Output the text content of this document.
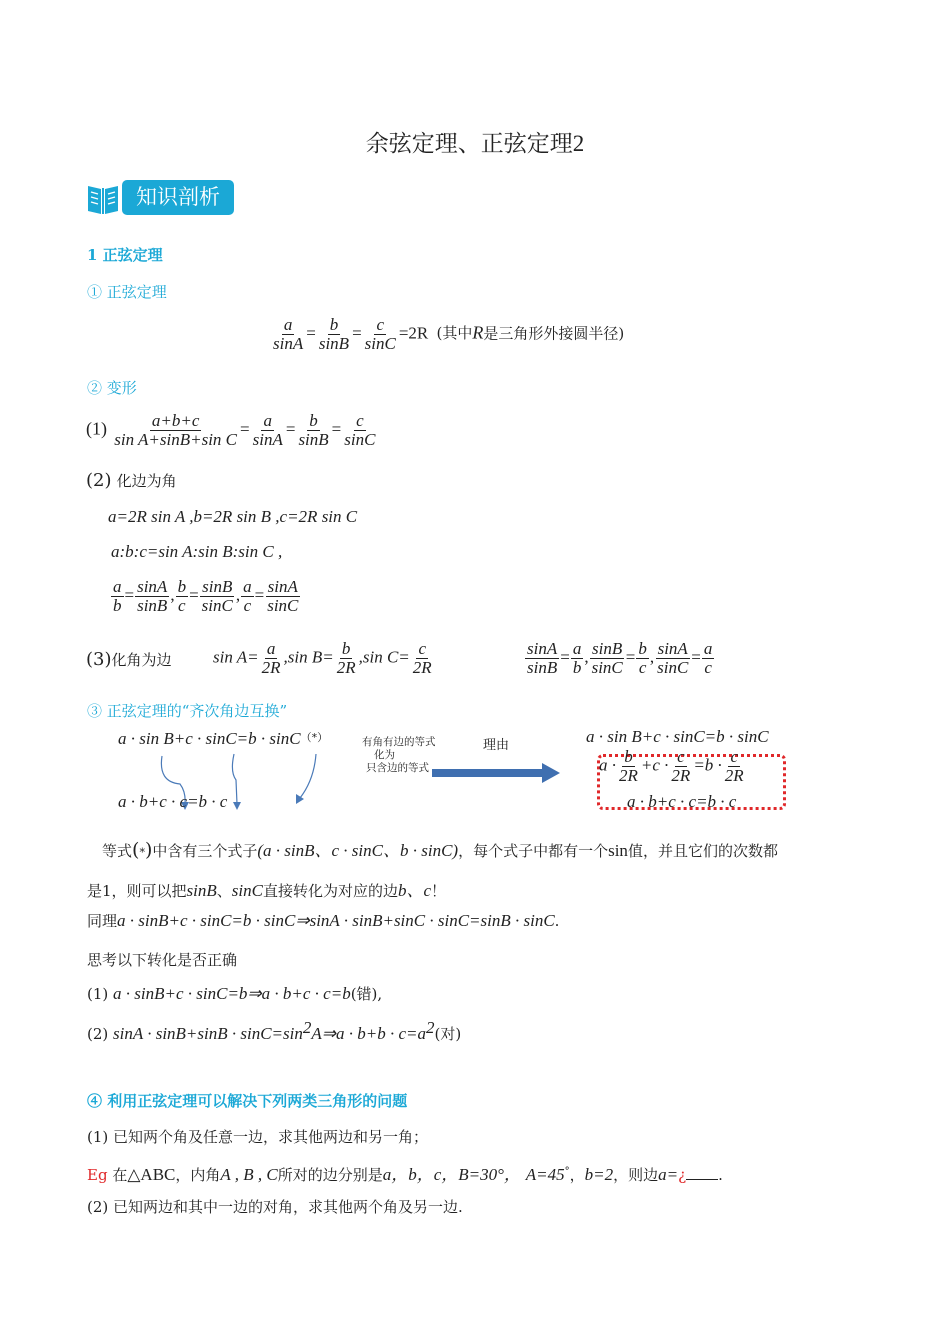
余弦定理、正弦定理2
知识剖析
1 正弦定理
① 正弦定理
$\frac{a}{\sin A} = \frac{b}{\sin B} = \frac{c}{\sin C} =2R$ (其中R是三角形外接圆半径)
② 变形
$(1) \frac{a+b+c}{\text{sin A+sinB+sin C}} = \frac{a}{\sin A} = \frac{b}{\sin B} = \frac{c}{\sin C}$
(2) 化边为角
a=2R sin A ,b=2R sin B ,c=2R sin C
a:b:c=sin A:sin B:sin C ,
$\frac{a}{b} = \frac{\sin A}{\sin B}$ , $\frac{b}{c} = \frac{\sin B}{\sin C}$ , $\frac{a}{c} = \frac{\sin A}{\sin C}$
(3)化角为边 $\sin A= \frac{a}{2R} ,\sin$ $B= \frac{b}{2R} ,\sin$ $C= \frac{c}{2R}$	$\frac{\sin A}{\sin B} = \frac{a}{b}$ , $\frac{\sin B}{\sin C} = \frac{b}{c}$ , $\frac{\sin A}{\sin C} = \frac{a}{c}$
③ 正弦定理的“齐次角边互换”
a · sin B+c · sinC=b · sinC（*）
a · b+c · c=b · c
有角有边的等式
化为
只含边的等式
理由	a · sin B+c · sinC=b · sinC
$a \cdot \frac{b}{2R} +c \cdot \frac{c}{2R} =b \cdot \frac{c}{2R}$
a · b+c · c=b · c
等式(*)中含有三个式子(a · sinB、c · sinC、b · sinC)，每个式子中都有一个sin值，并且它们的次数都
是1，则可以把sinB、sinC直接转化为对应的边b、c！
同理a · sinB+c · sinC=b · sinC⇒sinA · sinB+sinC · sinC=sinB · sinC.
思考以下转化是否正确
(1) a · sinB+c · sinC=b⇒a · b+c · c=b(错),
(2) $\sin A \cdot \sin B+\sin B \cdot \sin C=\sin^2A\Rightarrow a \cdot b+b \cdot c=a^2$(对)
④ 利用正弦定理可以解决下列两类三角形的问题
(1) 已知两个角及任意一边，求其他两边和另一角；
Eg 在△ABC，内角A , B , C所对的边分别是a，b，c，B=30°， A=45°，b=2，则边a=¿ .
(2) 已知两边和其中一边的对角，求其他两个角及另一边.
